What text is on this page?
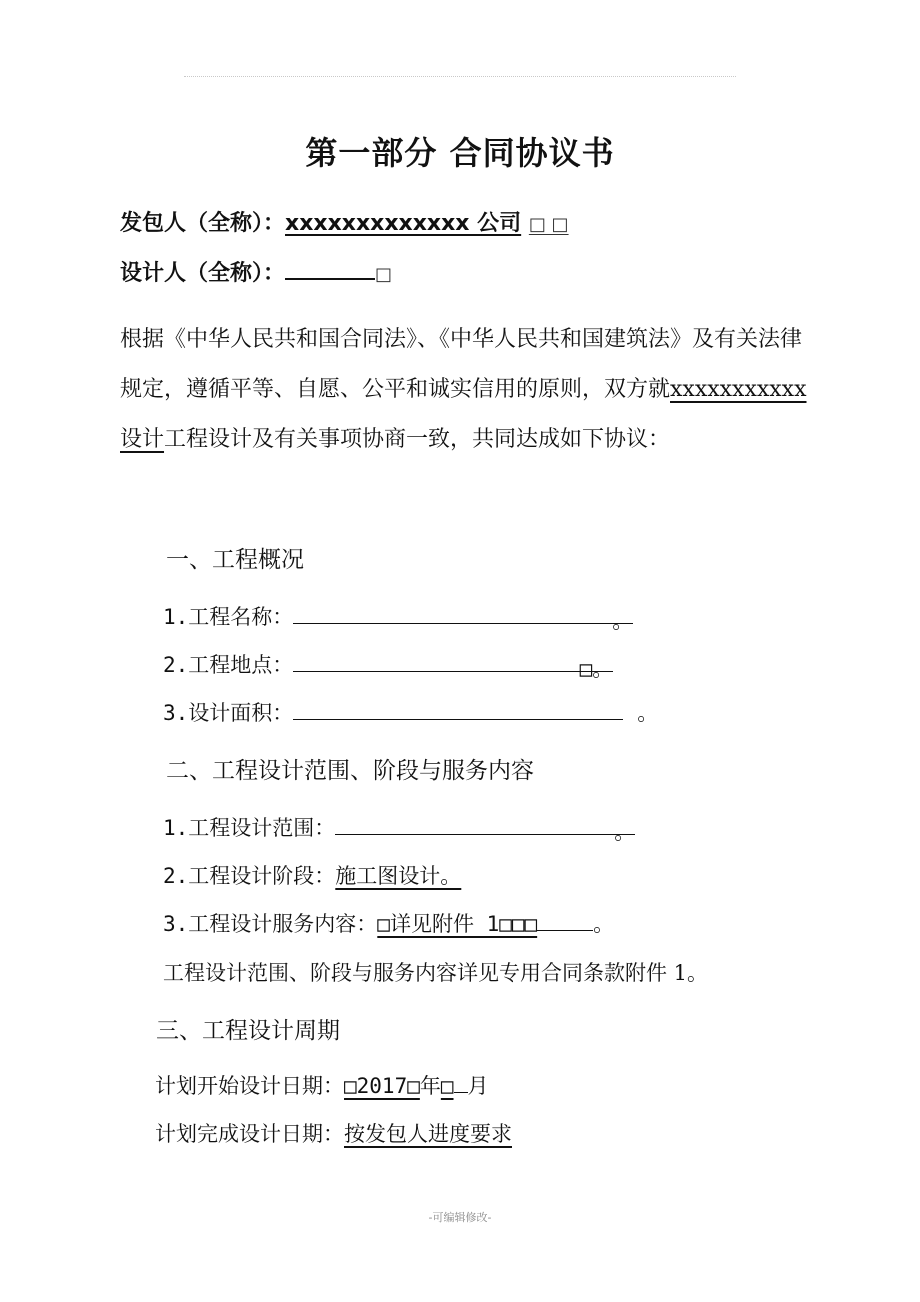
第一部分 合同协议书
发包人（全称）：xxxxxxxxxxxxx 公司 □ □
设计人（全称）：	□
根据《中华人民共和国合同法》、《中华人民共和国建筑法》及有关法律规定，遵循平等、自愿、公平和诚实信用的原则，双方就xxxxxxxxxxx 设计工程设计及有关事项协商一致，共同达成如下协议：
一、工程概况
1.工程名称：	。
2.工程地点：	□。
3.设计面积：	。
二、工程设计范围、阶段与服务内容
1.工程设计范围：	。
2.工程设计阶段：施工图设计。
3.工程设计服务内容：□详见附件 1□□□	。
工程设计范围、阶段与服务内容详见专用合同条款附件 1。
三、工程设计周期
计划开始设计日期：□2017□年□ 月
计划完成设计日期：按发包人进度要求
-可编辑修改-
